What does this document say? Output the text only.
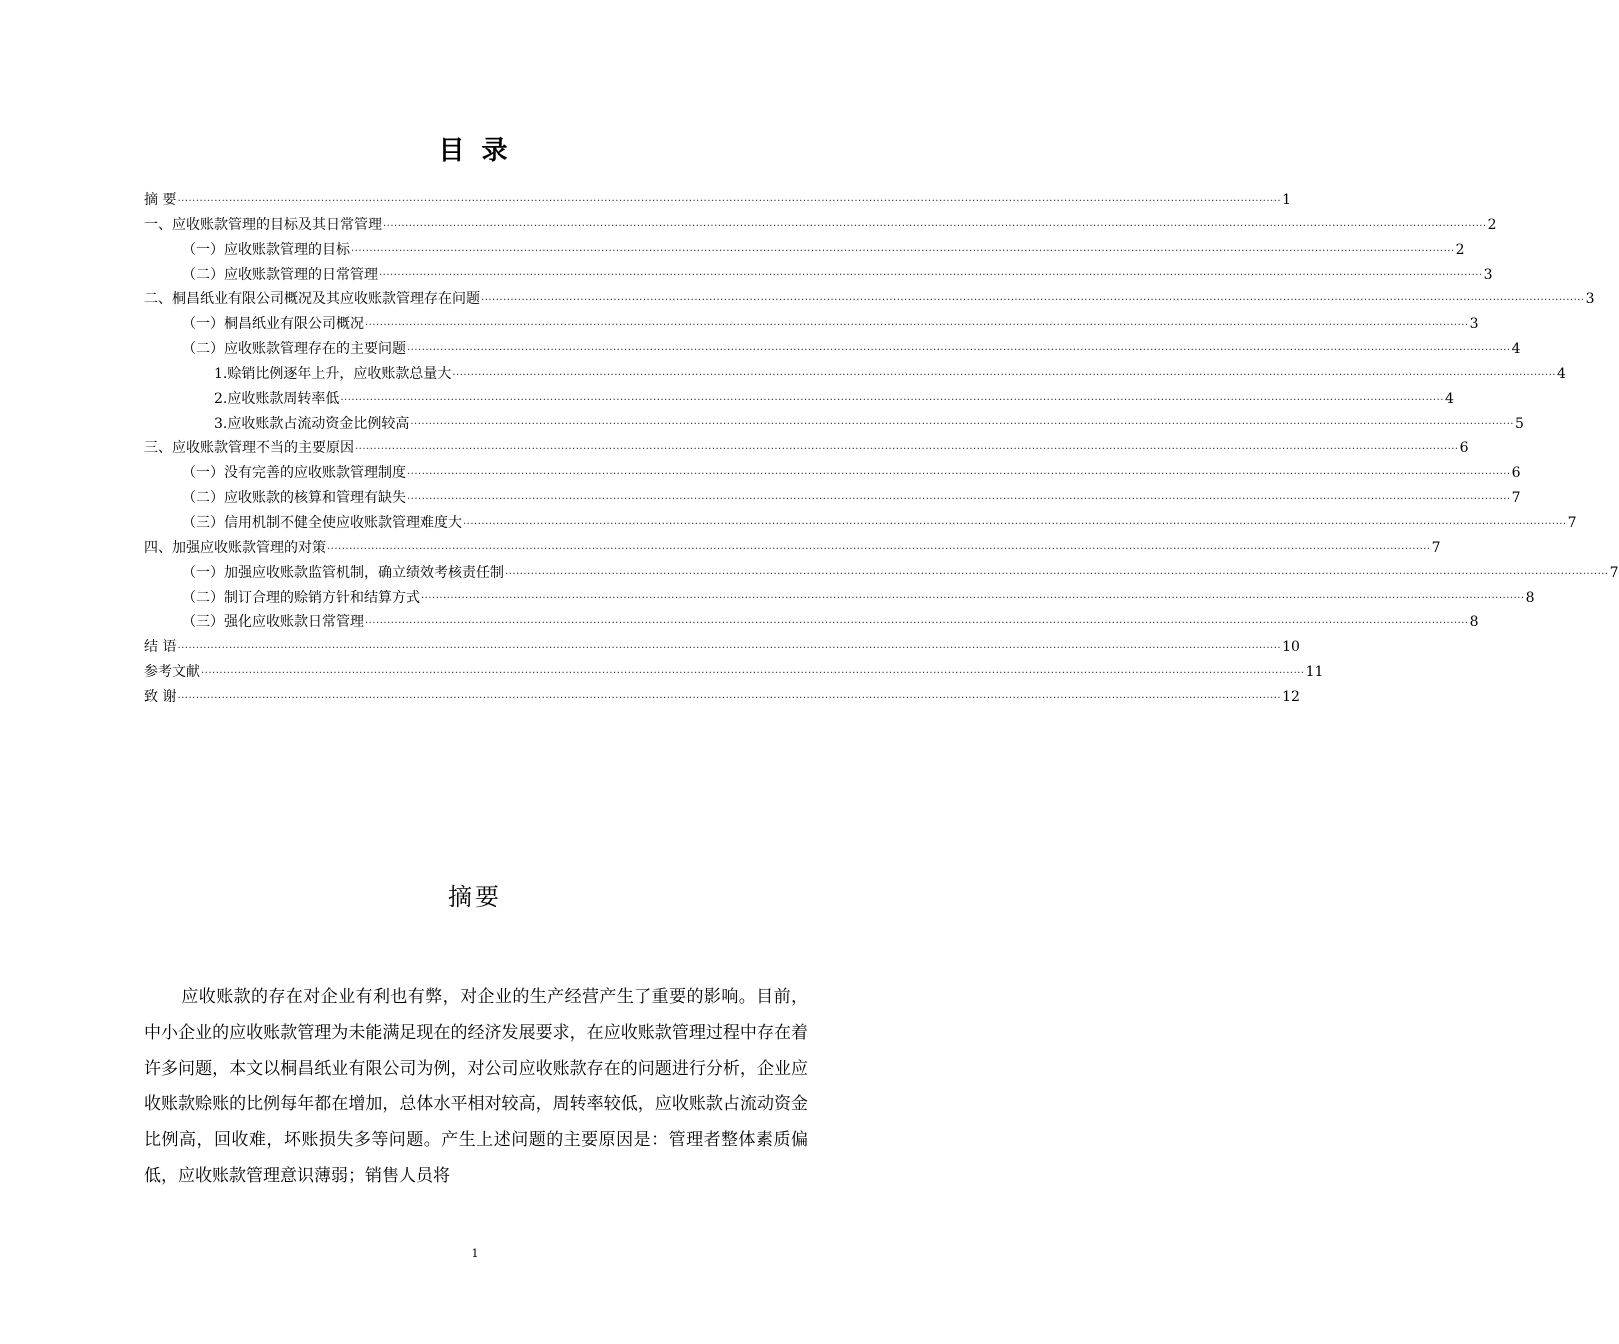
目 录
摘 要 ............................................................................................................................................................................................................................................................................................................ 1
一、应收账款管理的目标及其日常管理 ............................................................................................................................................................................................................................................................................................................ 2
（一）应收账款管理的目标 ............................................................................................................................................................................................................................................................................................................ 2
（二）应收账款管理的日常管理 ............................................................................................................................................................................................................................................................................................................ 3
二、桐昌纸业有限公司概况及其应收账款管理存在问题 ............................................................................................................................................................................................................................................................................................................ 3
（一）桐昌纸业有限公司概况 ............................................................................................................................................................................................................................................................................................................ 3
（二）应收账款管理存在的主要问题 ............................................................................................................................................................................................................................................................................................................ 4
1.赊销比例逐年上升，应收账款总量大 ............................................................................................................................................................................................................................................................................................................ 4
2.应收账款周转率低 ............................................................................................................................................................................................................................................................................................................ 4
3.应收账款占流动资金比例较高 ............................................................................................................................................................................................................................................................................................................ 5
三、应收账款管理不当的主要原因 ............................................................................................................................................................................................................................................................................................................ 6
（一）没有完善的应收账款管理制度 ............................................................................................................................................................................................................................................................................................................ 6
（二）应收账款的核算和管理有缺失 ............................................................................................................................................................................................................................................................................................................ 7
（三）信用机制不健全使应收账款管理难度大 ............................................................................................................................................................................................................................................................................................................ 7
四、加强应收账款管理的对策 ............................................................................................................................................................................................................................................................................................................ 7
（一）加强应收账款监管机制，确立绩效考核责任制 ............................................................................................................................................................................................................................................................................................................ 7
（二）制订合理的赊销方针和结算方式 ............................................................................................................................................................................................................................................................................................................ 8
（三）强化应收账款日常管理 ............................................................................................................................................................................................................................................................................................................ 8
结 语 ............................................................................................................................................................................................................................................................................................................ 10
参考文献 ............................................................................................................................................................................................................................................................................................................ 11
致 谢 ............................................................................................................................................................................................................................................................................................................ 12
摘要
应收账款的存在对企业有利也有弊，对企业的生产经营产生了重要的影响。目前，中小企业的应收账款管理为未能满足现在的经济发展要求，在应收账款管理过程中存在着许多问题，本文以桐昌纸业有限公司为例，对公司应收账款存在的问题进行分析，企业应收账款赊账的比例每年都在增加，总体水平相对较高，周转率较低，应收账款占流动资金比例高，回收难，坏账损失多等问题。产生上述问题的主要原因是：管理者整体素质偏低，应收账款管理意识薄弱；销售人员将
1
